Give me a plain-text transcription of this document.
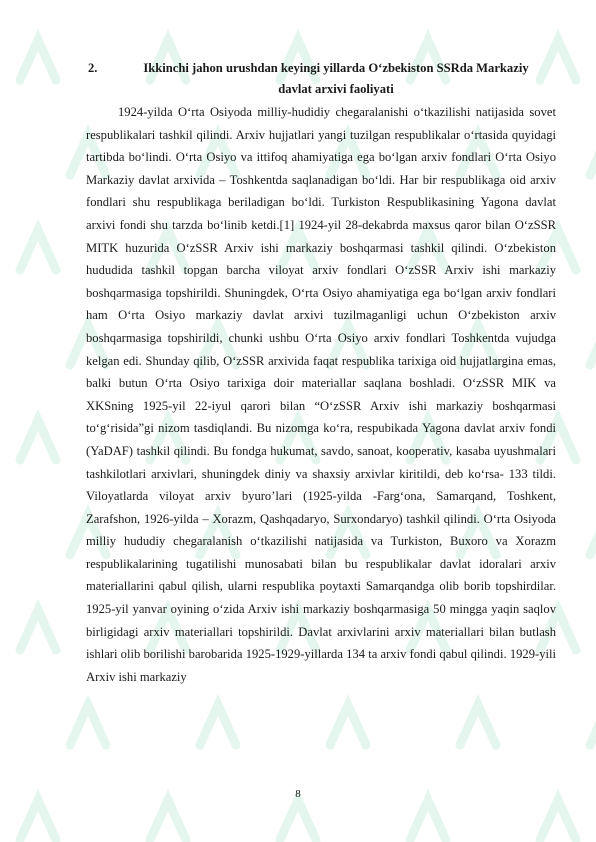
2.	Ikkinchi jahon urushdan keyingi yillarda O‘zbekiston SSRda Markaziy
davlat arxivi faoliyati

1924-yilda O‘rta Osiyoda milliy-hudidiy chegaralanishi o‘tkazilishi natijasida sovet respublikalari tashkil qilindi. Arxiv hujjatlari yangi tuzilgan respublikalar o‘rtasida quyidagi tartibda bo‘lindi. O‘rta Osiyo va ittifoq ahamiyatiga ega bo‘lgan arxiv fondlari O‘rta Osiyo Markaziy davlat arxivida – Toshkentda saqlanadigan bo‘ldi. Har bir respublikaga oid arxiv fondlari shu respublikaga beriladigan bo‘ldi. Turkiston Respublikasining Yagona davlat arxivi fondi shu tarzda bo‘linib ketdi.[1] 1924-yil 28-dekabrda maxsus qaror bilan O‘zSSR MITK huzurida O‘zSSR Arxiv ishi markaziy boshqarmasi tashkil qilindi. O‘zbekiston hududida tashkil topgan barcha viloyat arxiv fondlari O‘zSSR Arxiv ishi markaziy boshqarmasiga topshirildi. Shuningdek, O‘rta Osiyo ahamiyatiga ega bo‘lgan arxiv fondlari ham O‘rta Osiyo markaziy davlat arxivi tuzilmaganligi uchun O‘zbekiston arxiv boshqarmasiga topshirildi, chunki ushbu O‘rta Osiyo arxiv fondlari Toshkentda vujudga kelgan edi. Shunday qilib, O‘zSSR arxivida faqat respublika tarixiga oid hujjatlargina emas, balki butun O‘rta Osiyo tarixiga doir materiallar saqlana boshladi. O‘zSSR MIK va XKSning 1925-yil 22-iyul qarori bilan “O‘zSSR Arxiv ishi markaziy boshqarmasi to‘g‘risida”gi nizom tasdiqlandi. Bu nizomga ko‘ra, respubikada Yagona davlat arxiv fondi (YaDAF) tashkil qilindi. Bu fondga hukumat, savdo, sanoat, kooperativ, kasaba uyushmalari tashkilotlari arxivlari, shuningdek diniy va shaxsiy arxivlar kiritildi, deb ko‘rsa- 133 tildi. Viloyatlarda viloyat arxiv byuro’lari (1925-yilda -Farg‘ona, Samarqand, Toshkent, Zarafshon, 1926-yilda – Xorazm, Qashqadaryo, Surxondaryo) tashkil qilindi. O‘rta Osiyoda milliy hududiy chegaralanish o‘tkazilishi natijasida va Turkiston, Buxoro va Xorazm respublikalarining tugatilishi munosabati bilan bu respublikalar davlat idoralari arxiv materiallarini qabul qilish, ularni respublika poytaxti Samarqandga olib borib topshirdilar. 1925-yil yanvar oyining o‘zida Arxiv ishi markaziy boshqarmasiga 50 mingga yaqin saqlov birligidagi arxiv materiallari topshirildi. Davlat arxivlarini arxiv materiallari bilan butlash ishlari olib borilishi barobarida 1925-1929-yillarda 134 ta arxiv fondi qabul qilindi. 1929-yili Arxiv ishi markaziy

8
